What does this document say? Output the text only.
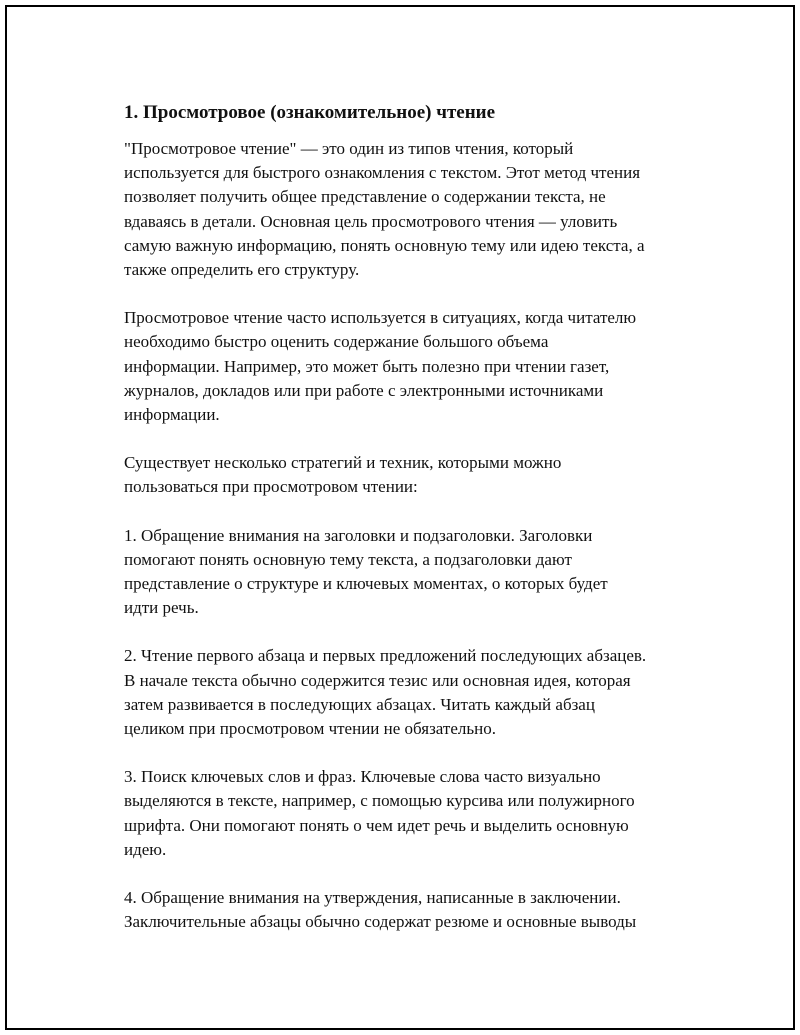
1. Просмотровое (ознакомительное) чтение

"Просмотровое чтение" — это один из типов чтения, который
используется для быстрого ознакомления с текстом. Этот метод чтения
позволяет получить общее представление о содержании текста, не
вдаваясь в детали. Основная цель просмотрового чтения — уловить
самую важную информацию, понять основную тему или идею текста, а
также определить его структуру.

Просмотровое чтение часто используется в ситуациях, когда читателю
необходимо быстро оценить содержание большого объема
информации. Например, это может быть полезно при чтении газет,
журналов, докладов или при работе с электронными источниками
информации.

Существует несколько стратегий и техник, которыми можно
пользоваться при просмотровом чтении:

1. Обращение внимания на заголовки и подзаголовки. Заголовки
помогают понять основную тему текста, а подзаголовки дают
представление о структуре и ключевых моментах, о которых будет
идти речь.

2. Чтение первого абзаца и первых предложений последующих абзацев.
В начале текста обычно содержится тезис или основная идея, которая
затем развивается в последующих абзацах. Читать каждый абзац
целиком при просмотровом чтении не обязательно.

3. Поиск ключевых слов и фраз. Ключевые слова часто визуально
выделяются в тексте, например, с помощью курсива или полужирного
шрифта. Они помогают понять о чем идет речь и выделить основную
идею.

4. Обращение внимания на утверждения, написанные в заключении.
Заключительные абзацы обычно содержат резюме и основные выводы
